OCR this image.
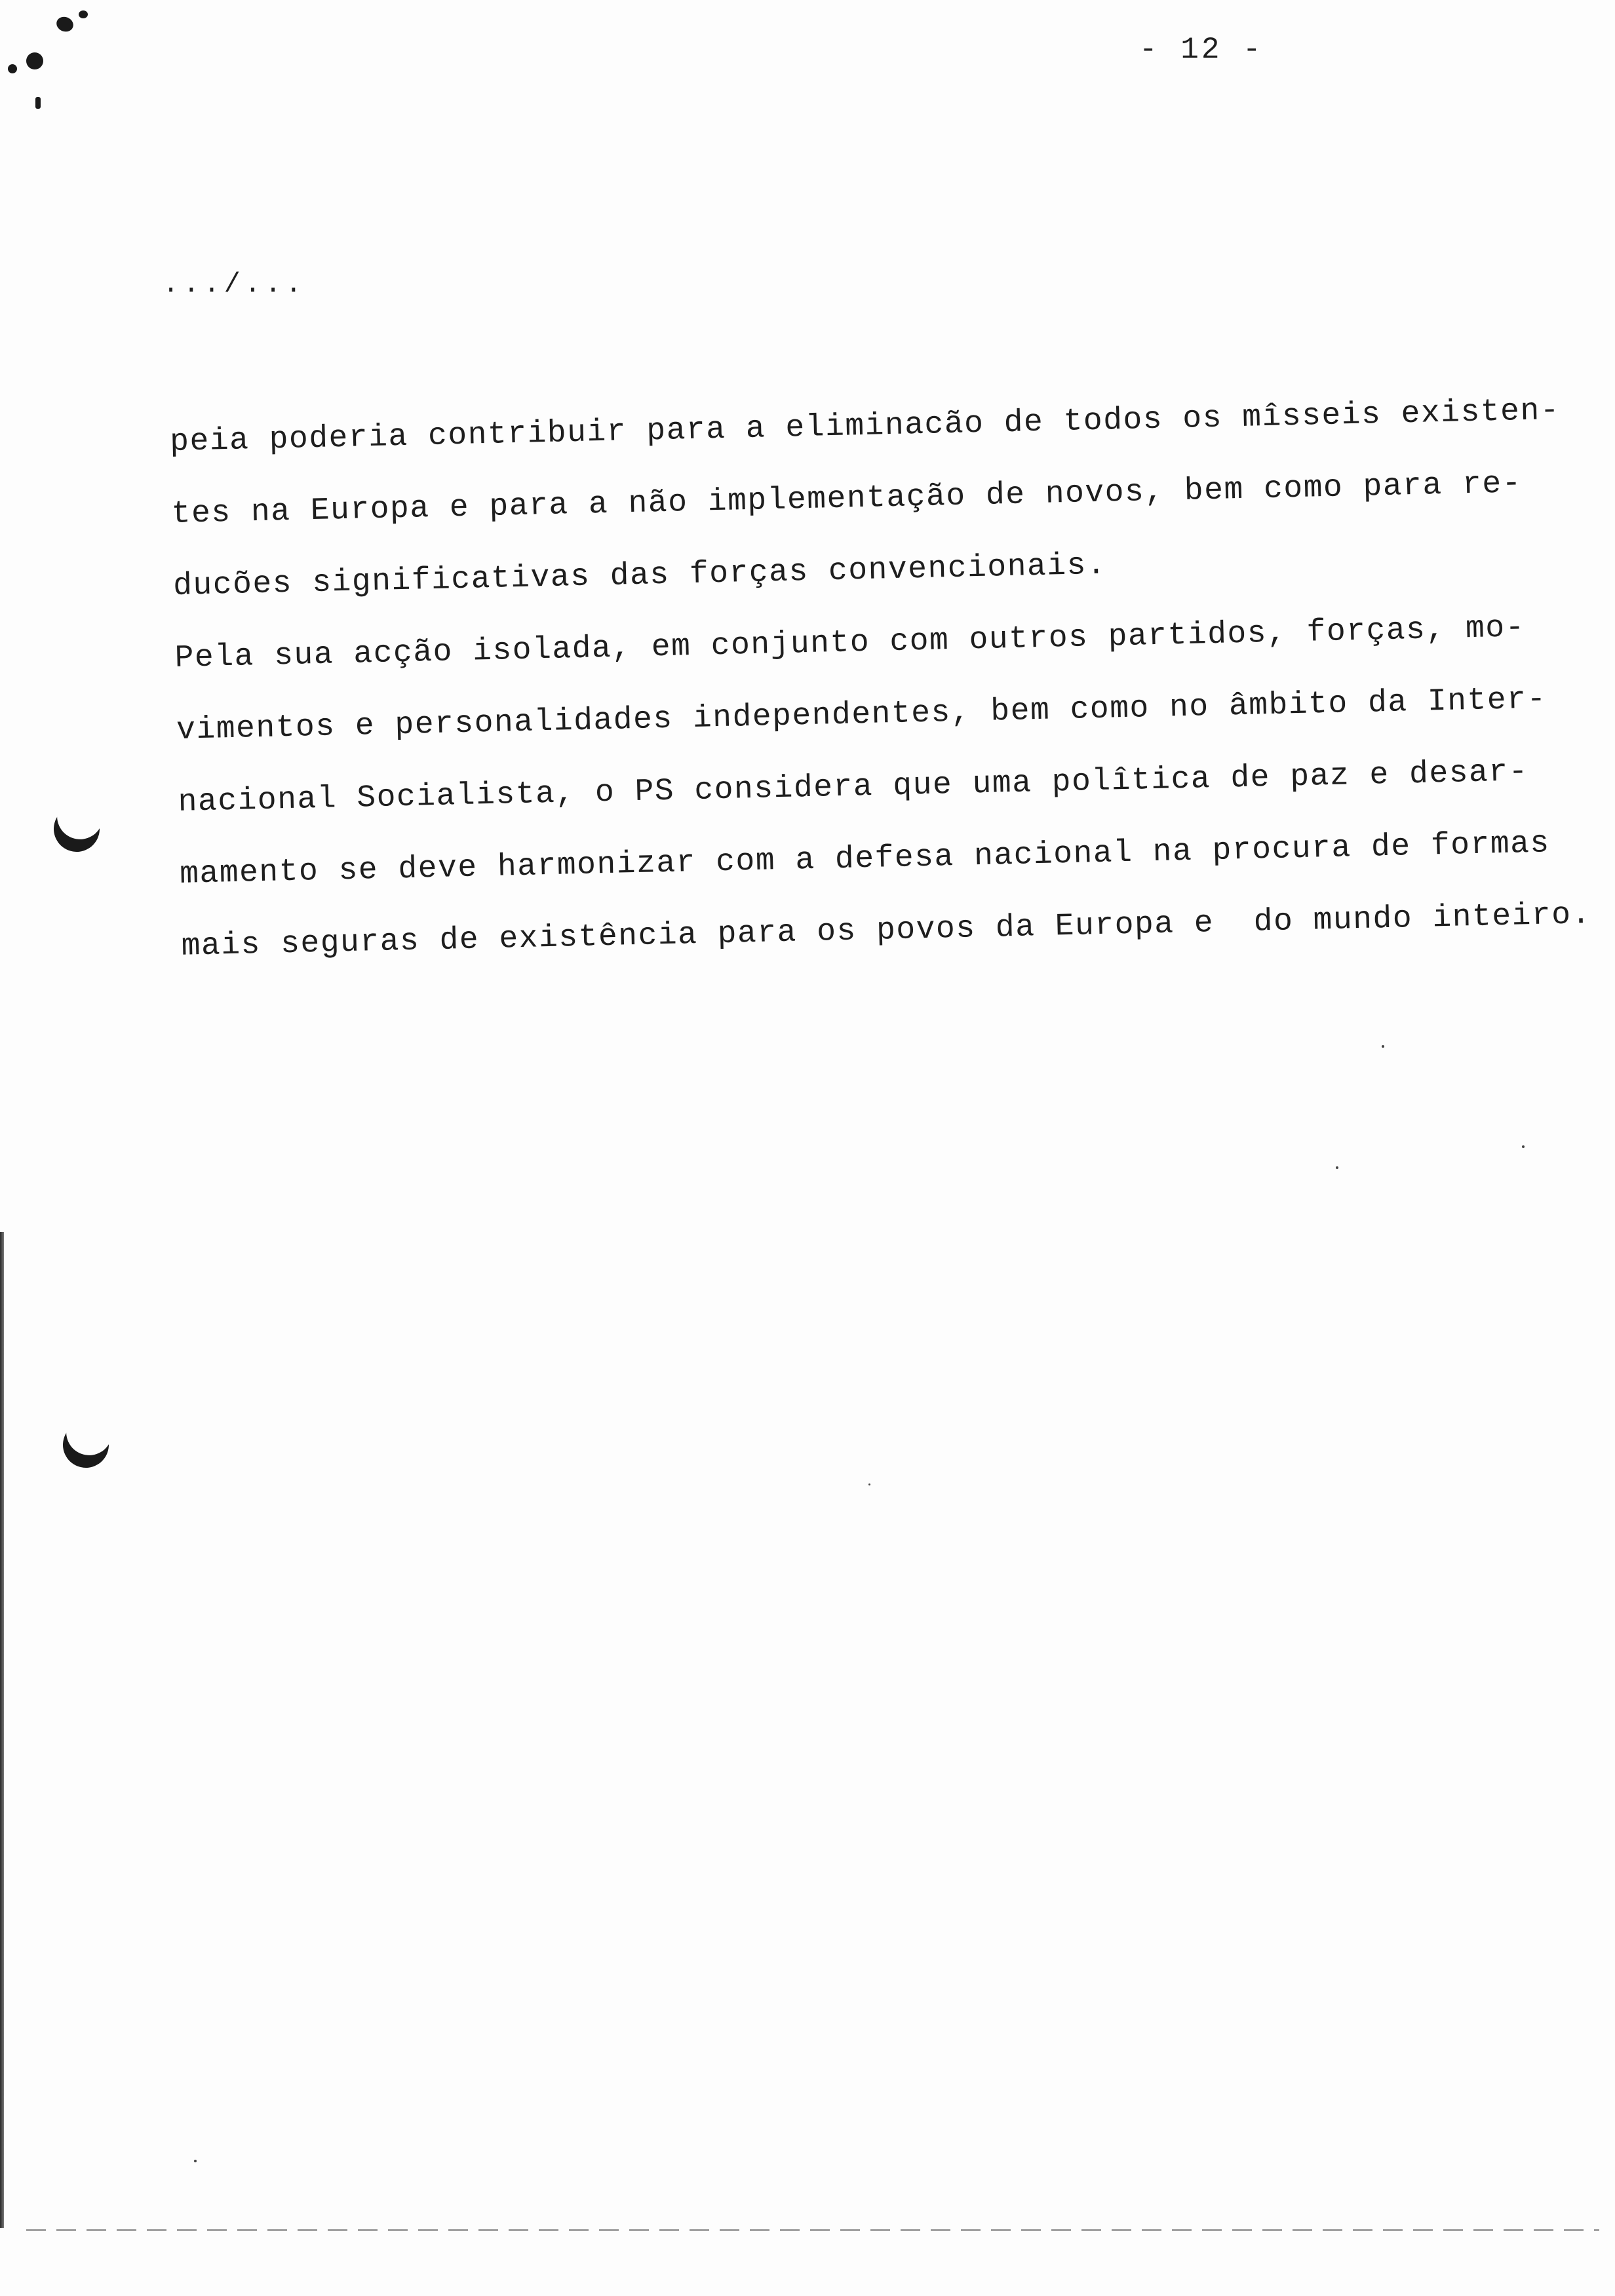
- 12 -
.../...

peia poderia contribuir para a eliminacão de todos os mîsseis existen-
tes na Europa e para a não implementação de novos, bem como para re-
ducões significativas das forças convencionais.

Pela sua acção isolada, em conjunto com outros partidos, forças, mo-
vimentos e personalidades independentes, bem como no âmbito da Inter-
nacional Socialista, o PS considera que uma polîtica de paz e desar-
mamento se deve harmonizar com a defesa nacional na procura de formas
mais seguras de existência para os povos da Europa e  do mundo inteiro.
